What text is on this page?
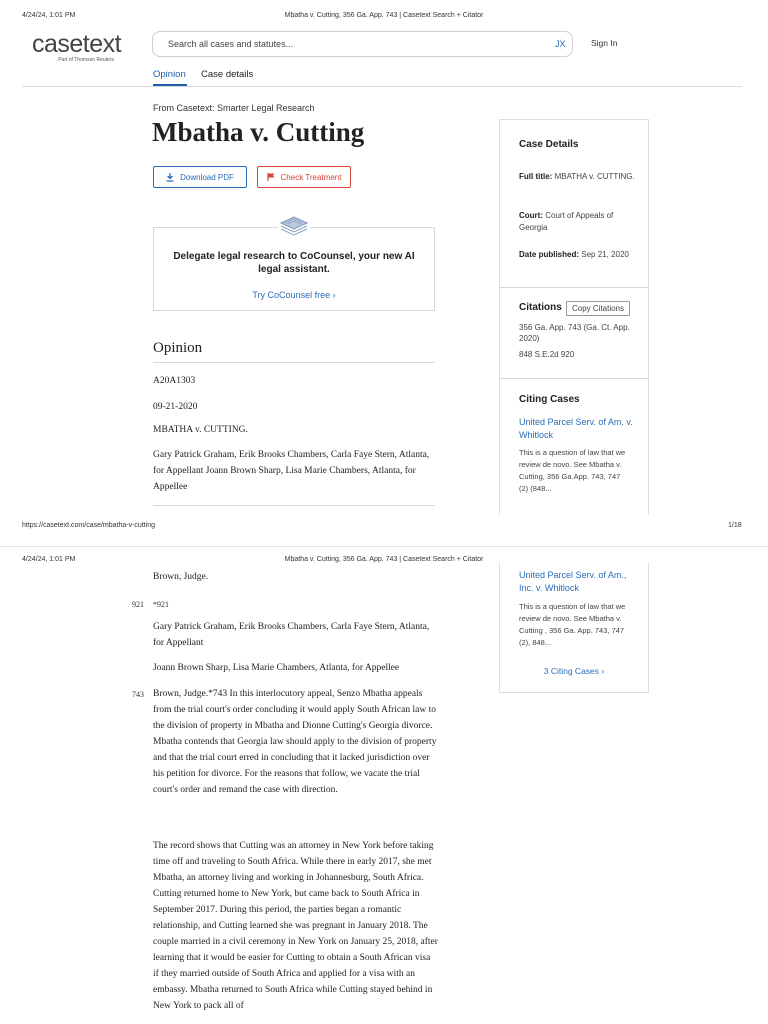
4/24/24, 1:01 PM	Mbatha v. Cutting, 356 Ga. App. 743 | Casetext Search + Citator
casetext
Part of Thomson Reuters
Search all cases and statutes...	JX	Sign In
Opinion Case details
From Casetext: Smarter Legal Research
Mbatha v. Cutting
Download PDF	Check Treatment
Delegate legal research to CoCounsel, your new AI legal assistant.
Try CoCounsel free ›
Opinion
A20A1303
09-21-2020
MBATHA v. CUTTING.
Gary Patrick Graham, Erik Brooks Chambers, Carla Faye Stern, Atlanta, for Appellant Joann Brown Sharp, Lisa Marie Chambers, Atlanta, for Appellee
Case Details
Full title: MBATHA v. CUTTING.
Court: Court of Appeals of Georgia
Date published: Sep 21, 2020
Citations	Copy Citations
356 Ga. App. 743 (Ga. Ct. App. 2020)
848 S.E.2d 920
Citing Cases
United Parcel Serv. of Am. v. Whitlock
This is a question of law that we review de novo. See Mbatha v. Cutting, 356 Ga.App. 743, 747 (2) (848...
https://casetext.com/case/mbatha-v-cutting	1/18
4/24/24, 1:01 PM	Mbatha v. Cutting, 356 Ga. App. 743 | Casetext Search + Citator
Brown, Judge.
921 *921
Gary Patrick Graham, Erik Brooks Chambers, Carla Faye Stern, Atlanta, for Appellant
Joann Brown Sharp, Lisa Marie Chambers, Atlanta, for Appellee
743 Brown, Judge.*743 In this interlocutory appeal, Senzo Mbatha appeals from the trial court's order concluding it would apply South African law to the division of property in Mbatha and Dionne Cutting's Georgia divorce. Mbatha contends that Georgia law should apply to the division of property and that the trial court erred in concluding that it lacked jurisdiction over his petition for divorce. For the reasons that follow, we vacate the trial court's order and remand the case with direction.
The record shows that Cutting was an attorney in New York before taking time off and traveling to South Africa. While there in early 2017, she met Mbatha, an attorney living and working in Johannesburg, South Africa. Cutting returned home to New York, but came back to South Africa in September 2017. During this period, the parties began a romantic relationship, and Cutting learned she was pregnant in January 2018. The couple married in a civil ceremony in New York on January 25, 2018, after learning that it would be easier for Cutting to obtain a South African visa if they married outside of South Africa and applied for a visa with an embassy. Mbatha returned to South Africa while Cutting stayed behind in New York to pack all of
United Parcel Serv. of Am., Inc. v. Whitlock
This is a question of law that we review de novo. See Mbatha v. Cutting , 356 Ga. App. 743, 747 (2), 848...
3 Citing Cases ›
